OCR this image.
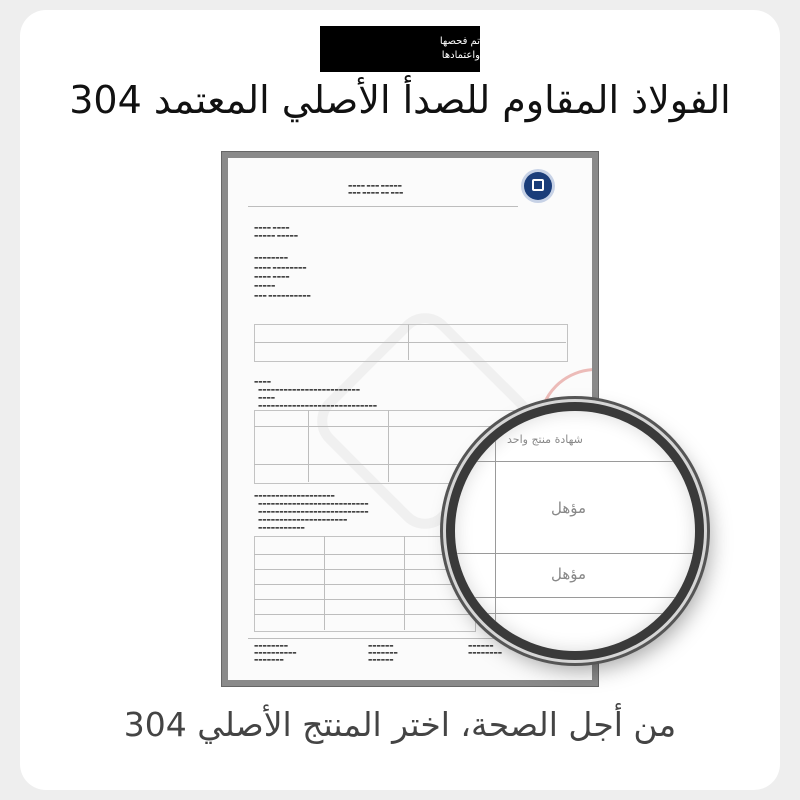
تم فحصها
واعتمادها
الفولاذ المقاوم للصدأ الأصلي المعتمد 304
▬▬▬▬ ▬▬▬ ▬▬▬▬▬
▬▬▬ ▬▬▬▬ ▬▬ ▬▬▬
▬▬▬▬ ▬▬▬▬
▬▬▬▬▬ ▬▬▬▬▬
▬▬▬▬▬▬▬▬
▬▬▬▬ ▬▬▬▬▬▬▬▬
▬▬▬▬ ▬▬▬▬
▬▬▬▬▬
▬▬▬ ▬▬▬▬▬▬▬▬▬▬
▬▬▬▬
▬▬▬▬▬▬▬▬▬▬▬▬▬▬▬▬▬▬▬▬▬▬▬▬
▬▬▬▬
▬▬▬▬▬▬▬▬▬▬▬▬▬▬▬▬▬▬▬▬▬▬▬▬▬▬▬▬
▬▬▬▬▬▬▬▬▬▬▬▬▬▬▬▬▬▬▬
▬▬▬▬▬▬▬▬▬▬▬▬▬▬▬▬▬▬▬▬▬▬▬▬▬▬
▬▬▬▬▬▬▬▬▬▬▬▬▬▬▬▬▬▬▬▬▬▬▬▬▬▬
▬▬▬▬▬▬▬▬▬▬▬▬▬▬▬▬▬▬▬▬▬
▬▬▬▬▬▬▬▬▬▬▬
▬▬▬▬▬▬▬▬
▬▬▬▬▬▬▬▬▬▬
▬▬▬▬▬▬▬
▬▬▬▬▬▬
▬▬▬▬▬▬▬
▬▬▬▬▬▬
▬▬▬▬▬▬
▬▬▬▬▬▬▬▬
شهادة منتج واحد
مؤهل
مؤهل

من أجل الصحة، اختر المنتج الأصلي 304
